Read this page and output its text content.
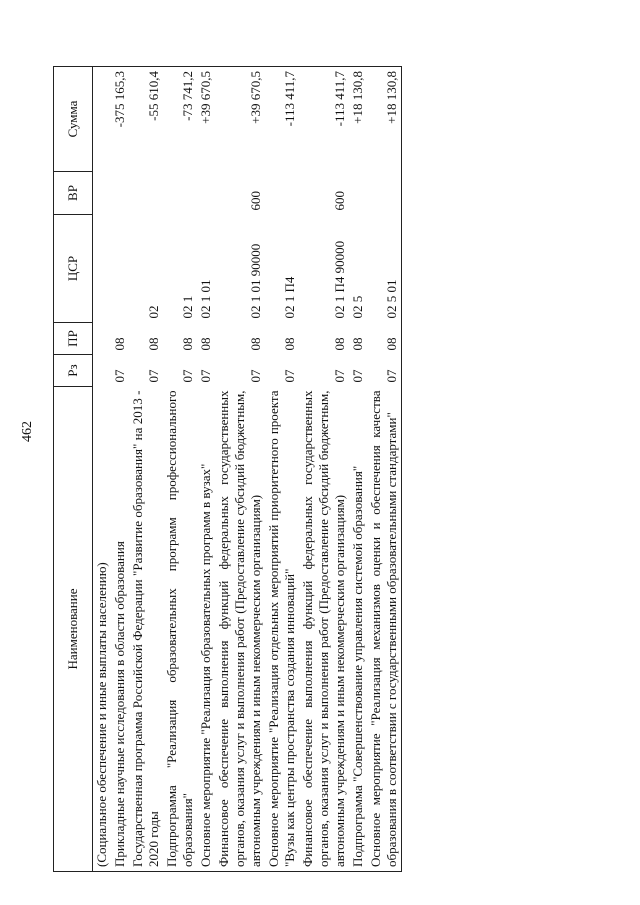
462
Наименование	Рз	ПР	ЦСР	ВР	Сумма
(Социальное обеспечение и иные выплаты населению)					
Прикладные научные исследования в области образования	07	08			-375 165,3
Государственная программа Российской Федерации "Развитие образования" на 2013 - 2020 годы	07	08	02		-55 610,4
Подпрограмма "Реализация образовательных программ профессионального образования"	07	08	02 1		-73 741,2
Основное мероприятие "Реализация образовательных программ в вузах"	07	08	02 1 01		+39 670,5
Финансовое обеспечение выполнения функций федеральных государственных органов, оказания услуг и выполнения работ (Предоставление субсидий бюджетным, автономным учреждениям и иным некоммерческим организациям)	07	08	02 1 01 90000	600	+39 670,5
Основное мероприятие "Реализация отдельных мероприятий приоритетного проекта "Вузы как центры пространства создания инноваций"	07	08	02 1 П4		-113 411,7
Финансовое обеспечение выполнения функций федеральных государственных органов, оказания услуг и выполнения работ (Предоставление субсидий бюджетным, автономным учреждениям и иным некоммерческим организациям)	07	08	02 1 П4 90000	600	-113 411,7
Подпрограмма "Совершенствование управления системой образования"	07	08	02 5		+18 130,8
Основное мероприятие "Реализация механизмов оценки и обеспечения качества образования в соответствии с государственными образовательными стандартами"	07	08	02 5 01		+18 130,8
